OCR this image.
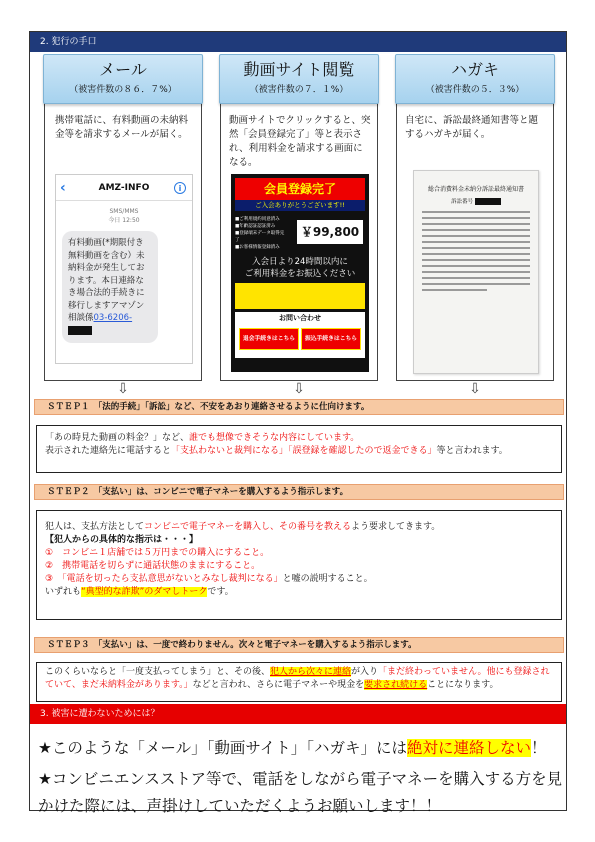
2. 犯行の手口
メール
（被害件数の８６．７%）
携帯電話に、有料動画の未納料金等を請求するメールが届く。
‹	AMZ-INFO	i
SMS/MMS
今日 12:50
有料動画(*期限付き無料動画を含む）未納料金が発生しております。本日連絡なき場合法的手続きに移行しますアマゾン相談係03-6206-
動画サイト閲覧
（被害件数の７．１%）
動画サイトでクリックすると、突然「会員登録完了」等と表示され、利用料金を請求する画面になる。
会員登録完了
ご入会ありがとうございます!!
■ご利用規約同意済み
■年齢認証認証済み
■登録端末データ取得完了
■お客様情報登録済み
￥99,800
入会日より24時間以内に
ご利用料金をお振込ください
お問い合わせ
退会手続きはこちら	振込手続きはこちら
ハガキ
（被害件数の５．３%）
自宅に、訴訟最終通知書等と題するハガキが届く。
総合消費料金未納分訴訟最終通知書
訴訟番号
⇩	⇩	⇩
ＳＴＥＰ１　「法的手続」「訴訟」など、不安をあおり連絡させるように仕向けます。
「あの時見た動画の料金？」など、誰でも想像できそうな内容にしています。
表示された連絡先に電話すると「支払わないと裁判になる」「誤登録を確認したので返金できる」等と言われます。
ＳＴＥＰ２　「支払い」は、コンビニで電子マネーを購入するよう指示します。
犯人は、支払方法としてコンビニで電子マネーを購入し、その番号を教えるよう要求してきます。
【犯人からの具体的な指示は・・・】
①　コンビニ１店舗では５万円までの購入にすること。
②　携帯電話を切らずに通話状態のままにすること。
③　「電話を切ったら支払意思がないとみなし裁判になる」と嘘の説明すること。
いずれも“典型的な詐欺”のダマしトークです。
ＳＴＥＰ３　「支払い」は、一度で終わりません。次々と電子マネーを購入するよう指示します。
このくらいならと「一度支払ってしまう」と、その後、犯人から次々に連絡が入り「まだ終わっていません。他にも登録されていて、まだ未納料金があります。」などと言われ、さらに電子マネーや現金を要求され続けることになります。
3. 被害に遭わないためには？
★このような「メール」「動画サイト」「ハガキ」には絶対に連絡しない！
★コンビニエンスストア等で、電話をしながら電子マネーを購入する方を見かけた際には、声掛けしていただくようお願いします！！
